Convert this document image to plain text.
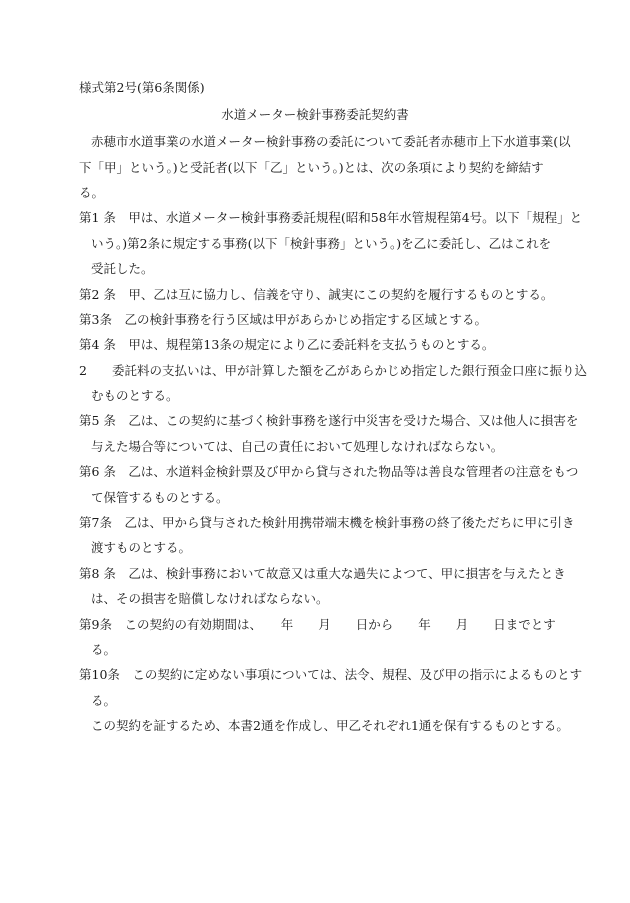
様式第2号(第6条関係)
水道メーター検針事務委託契約書
赤穂市水道事業の水道メーター検針事務の委託について委託者赤穂市上下水道事業(以
下「甲」という。)と受託者(以下「乙」という。)とは、次の条項により契約を締結す
る。
第1 条　甲は、水道メーター検針事務委託規程(昭和58年水管規程第4号。以下「規程」と
いう。)第2条に規定する事務(以下「検針事務」という。)を乙に委託し、乙はこれを
受託した。
第2 条　甲、乙は互に協力し、信義を守り、誠実にこの契約を履行するものとする。
第3条　乙の検針事務を行う区域は甲があらかじめ指定する区域とする。
第4 条　甲は、規程第13条の規定により乙に委託料を支払うものとする。
2　　委託料の支払いは、甲が計算した額を乙があらかじめ指定した銀行預金口座に振り込
むものとする。
第5 条　乙は、この契約に基づく検針事務を遂行中災害を受けた場合、又は他人に損害を
与えた場合等については、自己の責任において処理しなければならない。
第6 条　乙は、水道料金検針票及び甲から貸与された物品等は善良な管理者の注意をもつ
て保管するものとする。
第7条　乙は、甲から貸与された検針用携帯端末機を検針事務の終了後ただちに甲に引き
渡すものとする。
第8 条　乙は、検針事務において故意又は重大な過失によつて、甲に損害を与えたとき
は、その損害を賠償しなければならない。
第9条　この契約の有効期間は、　　年　　月　　日から　　年　　月　　日までとす
る。
第10条　この契約に定めない事項については、法令、規程、及び甲の指示によるものとす
る。
この契約を証するため、本書2通を作成し、甲乙それぞれ1通を保有するものとする。
